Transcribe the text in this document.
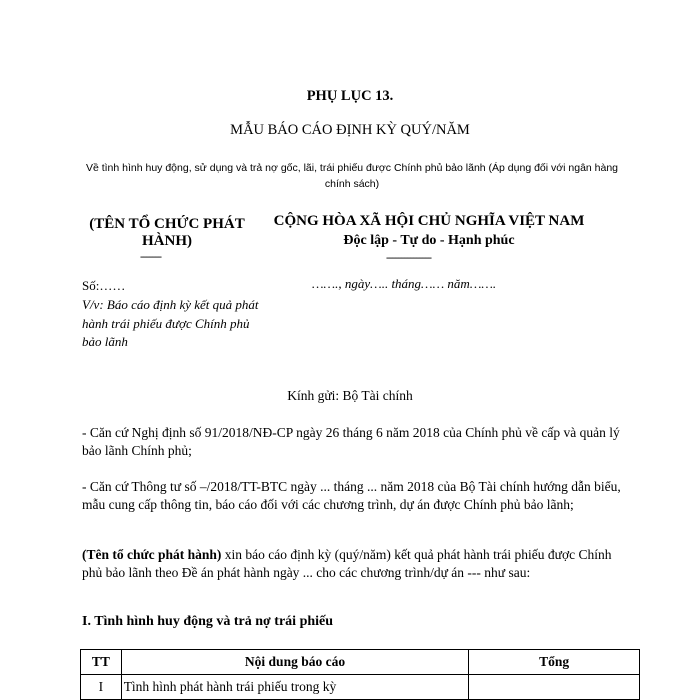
PHỤ LỤC 13.
MẪU BÁO CÁO ĐỊNH KỲ QUÝ/NĂM
Về tình hình huy động, sử dụng và trả nợ gốc, lãi, trái phiếu được Chính phủ bảo lãnh (Áp dụng đối với ngân hàng chính sách)
(TÊN TỔ CHỨC PHÁT HÀNH)
-------
CỘNG HÒA XÃ HỘI CHỦ NGHĨA VIỆT NAM
Độc lập - Tự do - Hạnh phúc
---------------
Số:……	……., ngày….. tháng…… năm…….
V/v: Báo cáo định kỳ kết quả phát hành trái phiếu được Chính phủ bảo lãnh
Kính gửi: Bộ Tài chính
- Căn cứ Nghị định số 91/2018/NĐ-CP ngày 26 tháng 6 năm 2018 của Chính phủ về cấp và quản lý bảo lãnh Chính phủ;
- Căn cứ Thông tư số –/2018/TT-BTC ngày ... tháng ... năm 2018 của Bộ Tài chính hướng dẫn biểu, mẫu cung cấp thông tin, báo cáo đối với các chương trình, dự án được Chính phủ bảo lãnh;
(Tên tổ chức phát hành) xin báo cáo định kỳ (quý/năm) kết quả phát hành trái phiếu được Chính phủ bảo lãnh theo Đề án phát hành ngày ... cho các chương trình/dự án --- như sau:
I. Tình hình huy động và trả nợ trái phiếu
TT	Nội dung báo cáo	Tổng
I	Tình hình phát hành trái phiếu trong kỳ	
